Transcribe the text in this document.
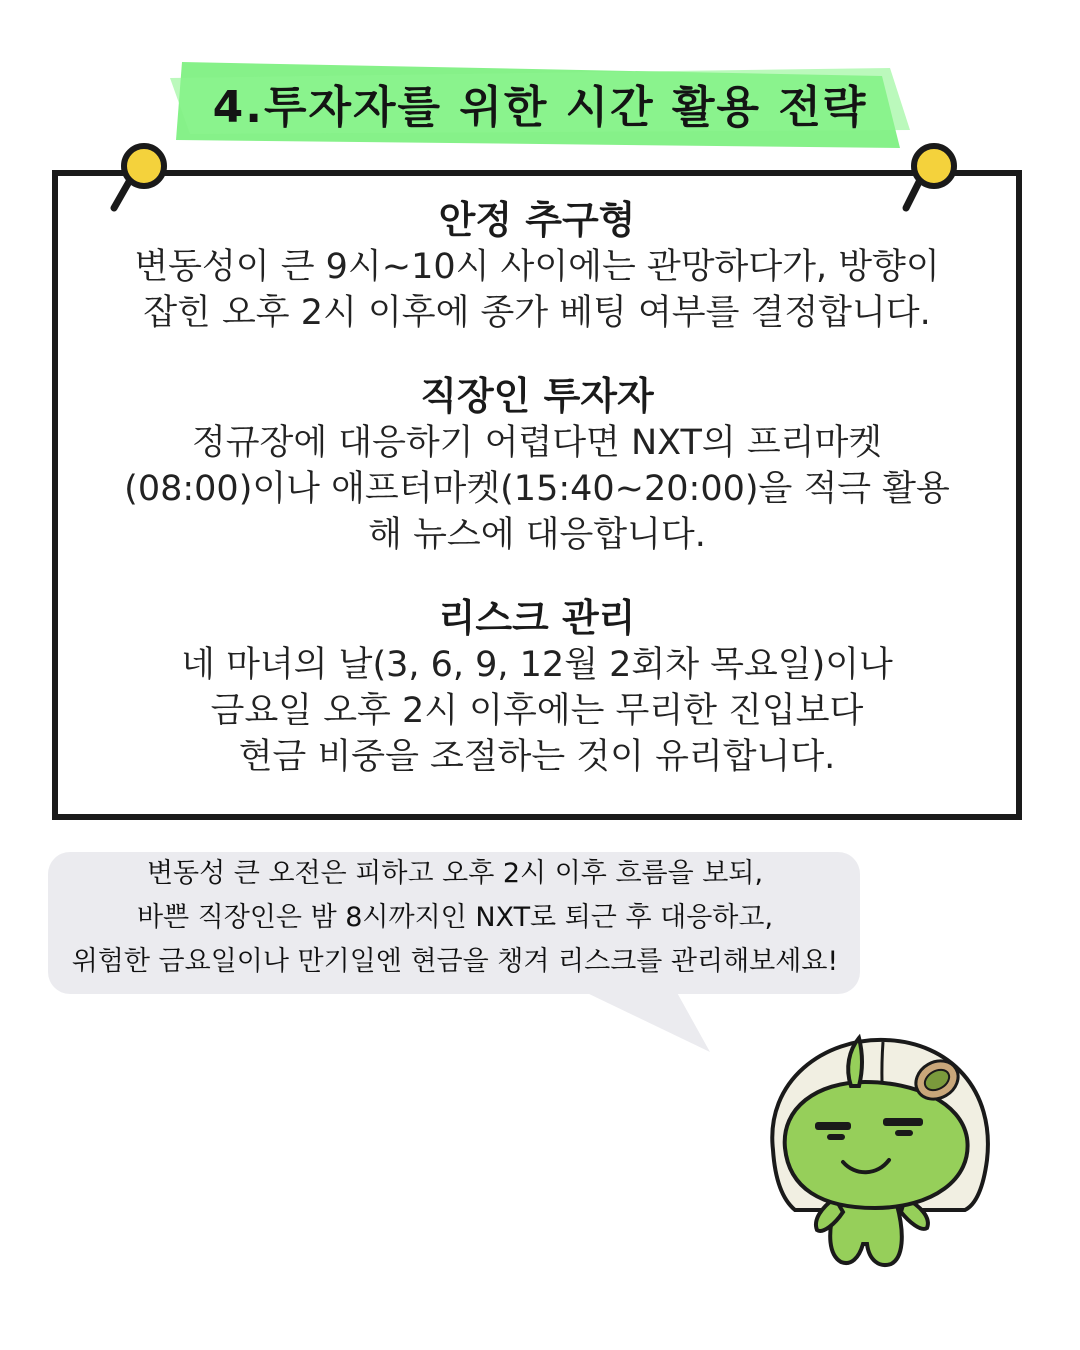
4.투자자를 위한 시간 활용 전략
안정 추구형
변동성이 큰 9시~10시 사이에는 관망하다가, 방향이
잡힌 오후 2시 이후에 종가 베팅 여부를 결정합니다.
직장인 투자자
정규장에 대응하기 어렵다면 NXT의 프리마켓
(08:00)이나 애프터마켓(15:40~20:00)을 적극 활용
해 뉴스에 대응합니다.
리스크 관리
네 마녀의 날(3, 6, 9, 12월 2회차 목요일)이나
금요일 오후 2시 이후에는 무리한 진입보다
현금 비중을 조절하는 것이 유리합니다.
변동성 큰 오전은 피하고 오후 2시 이후 흐름을 보되,
바쁜 직장인은 밤 8시까지인 NXT로 퇴근 후 대응하고,
위험한 금요일이나 만기일엔 현금을 챙겨 리스크를 관리해보세요!
